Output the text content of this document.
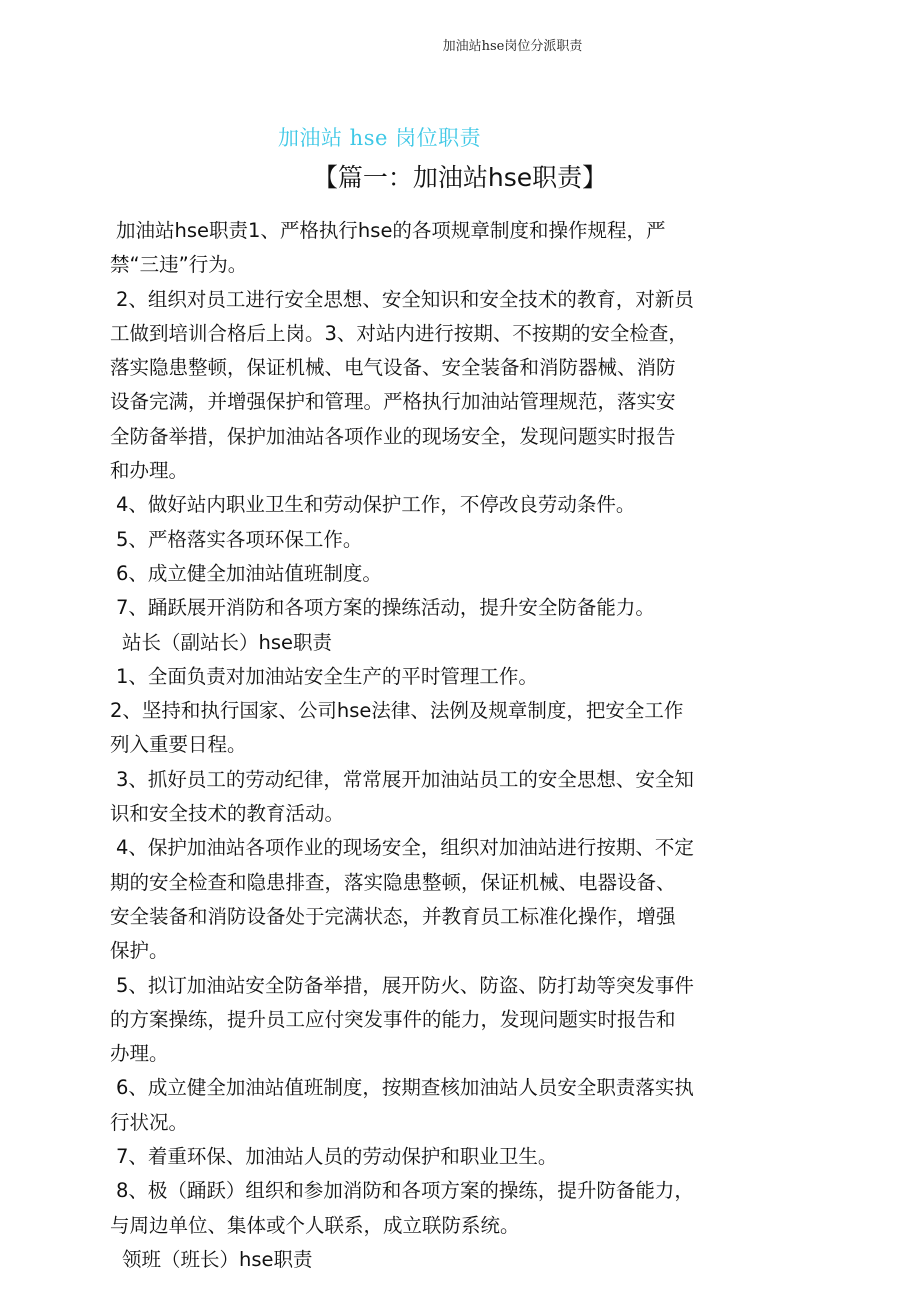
加油站hse岗位分派职责
加油站 hse 岗位职责
【篇一：加油站hse职责】
加油站hse职责1、严格执行hse的各项规章制度和操作规程，严
禁“三违”行为。
2、组织对员工进行安全思想、安全知识和安全技术的教育，对新员
工做到培训合格后上岗。3、对站内进行按期、不按期的安全检查，
落实隐患整顿，保证机械、电气设备、安全装备和消防器械、消防
设备完满，并增强保护和管理。严格执行加油站管理规范，落实安
全防备举措，保护加油站各项作业的现场安全，发现问题实时报告
和办理。
4、做好站内职业卫生和劳动保护工作，不停改良劳动条件。
5、严格落实各项环保工作。
6、成立健全加油站值班制度。
7、踊跃展开消防和各项方案的操练活动，提升安全防备能力。
站长（副站长）hse职责
1、全面负责对加油站安全生产的平时管理工作。
2、坚持和执行国家、公司hse法律、法例及规章制度，把安全工作
列入重要日程。
3、抓好员工的劳动纪律，常常展开加油站员工的安全思想、安全知
识和安全技术的教育活动。
4、保护加油站各项作业的现场安全，组织对加油站进行按期、不定
期的安全检查和隐患排查，落实隐患整顿，保证机械、电器设备、
安全装备和消防设备处于完满状态，并教育员工标准化操作，增强
保护。
5、拟订加油站安全防备举措，展开防火、防盗、防打劫等突发事件
的方案操练，提升员工应付突发事件的能力，发现问题实时报告和
办理。
6、成立健全加油站值班制度，按期查核加油站人员安全职责落实执
行状况。
7、着重环保、加油站人员的劳动保护和职业卫生。
8、极（踊跃）组织和参加消防和各项方案的操练，提升防备能力，
与周边单位、集体或个人联系，成立联防系统。
领班（班长）hse职责
